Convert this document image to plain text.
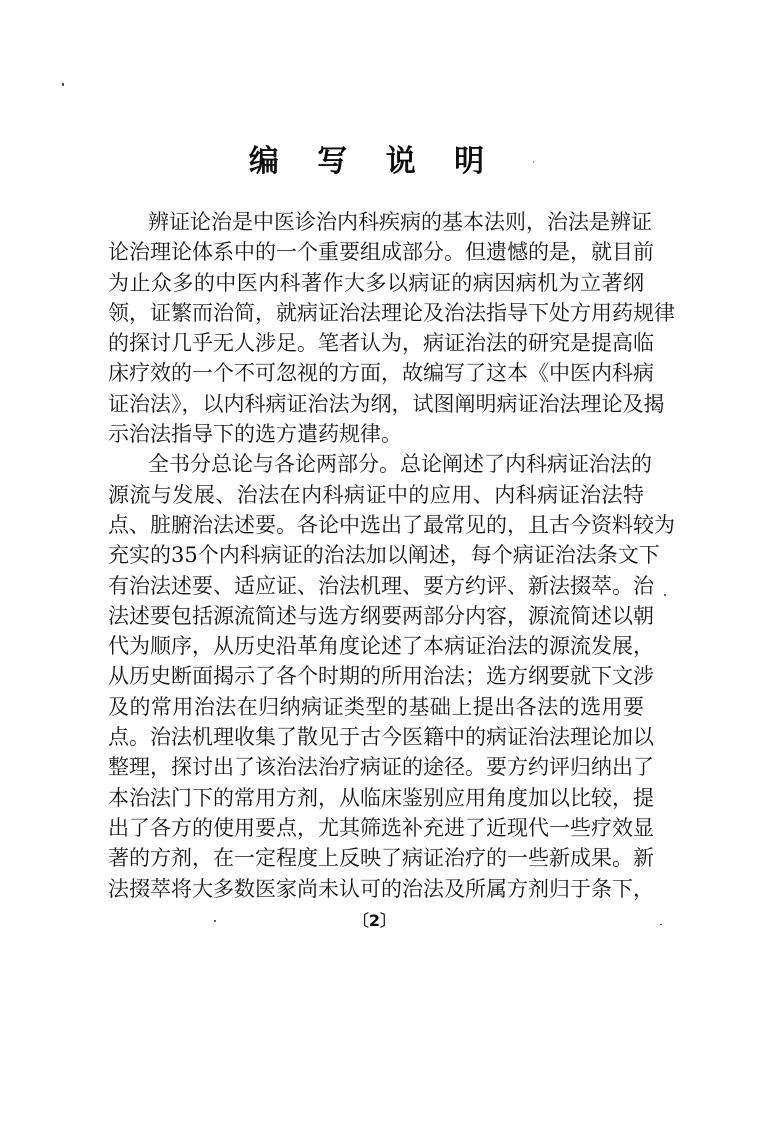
编 写 说 明
辨证论治是中医诊治内科疾病的基本法则，治法是辨证
论治理论体系中的一个重要组成部分。但遗憾的是，就目前
为止众多的中医内科著作大多以病证的病因病机为立著纲
领，证繁而治简，就病证治法理论及治法指导下处方用药规律
的探讨几乎无人涉足。笔者认为，病证治法的研究是提高临
床疗效的一个不可忽视的方面，故编写了这本《中医内科病
证治法》，以内科病证治法为纲，试图阐明病证治法理论及揭
示治法指导下的选方遣药规律。
全书分总论与各论两部分。总论阐述了内科病证治法的
源流与发展、治法在内科病证中的应用、内科病证治法特
点、脏腑治法述要。各论中选出了最常见的，且古今资料较为
充实的35个内科病证的治法加以阐述，每个病证治法条文下
有治法述要、适应证、治法机理、要方约评、新法掇萃。治
法述要包括源流简述与选方纲要两部分内容，源流简述以朝
代为顺序，从历史沿革角度论述了本病证治法的源流发展，
从历史断面揭示了各个时期的所用治法；选方纲要就下文涉
及的常用治法在归纳病证类型的基础上提出各法的选用要
点。治法机理收集了散见于古今医籍中的病证治法理论加以
整理，探讨出了该治法治疗病证的途径。要方约评归纳出了
本治法门下的常用方剂，从临床鉴别应用角度加以比较，提
出了各方的使用要点，尤其筛选补充进了近现代一些疗效显
著的方剂，在一定程度上反映了病证治疗的一些新成果。新
法掇萃将大多数医家尚未认可的治法及所属方剂归于条下，
〔2〕
